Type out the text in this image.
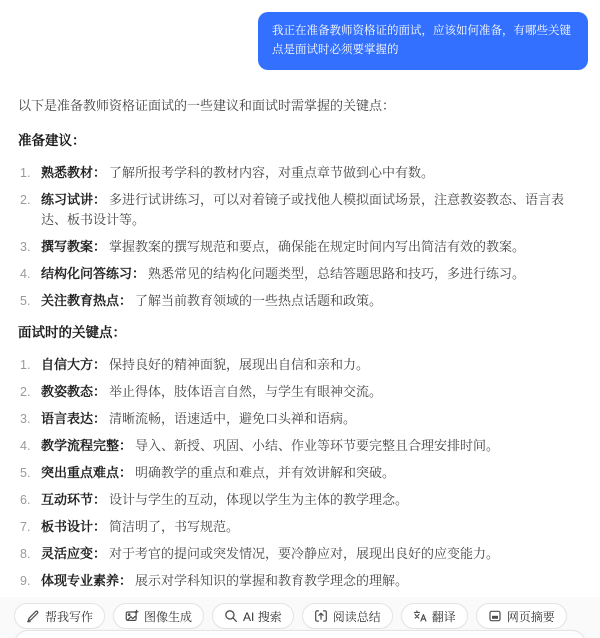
我正在准备教师资格证的面试，应该如何准备，有哪些关键点是面试时必须要掌握的

以下是准备教师资格证面试的一些建议和面试时需掌握的关键点：

准备建议：
熟悉教材： 了解所报考学科的教材内容，对重点章节做到心中有数。
练习试讲： 多进行试讲练习，可以对着镜子或找他人模拟面试场景，注意教姿教态、语言表达、板书设计等。
撰写教案： 掌握教案的撰写规范和要点，确保能在规定时间内写出简洁有效的教案。
结构化问答练习： 熟悉常见的结构化问题类型，总结答题思路和技巧，多进行练习。
关注教育热点： 了解当前教育领域的一些热点话题和政策。
面试时的关键点：
自信大方： 保持良好的精神面貌，展现出自信和亲和力。
教姿教态： 举止得体，肢体语言自然，与学生有眼神交流。
语言表达： 清晰流畅，语速适中，避免口头禅和语病。
教学流程完整： 导入、新授、巩固、小结、作业等环节要完整且合理安排时间。
突出重点难点： 明确教学的重点和难点，并有效讲解和突破。
互动环节： 设计与学生的互动，体现以学生为主体的教学理念。
板书设计： 简洁明了，书写规范。
灵活应变： 对于考官的提问或突发情况，要冷静应对，展现出良好的应变能力。
体现专业素养： 展示对学科知识的掌握和教育教学理念的理解。
帮我写作	图像生成	AI 搜索	阅读总结	翻译	网页摘要
